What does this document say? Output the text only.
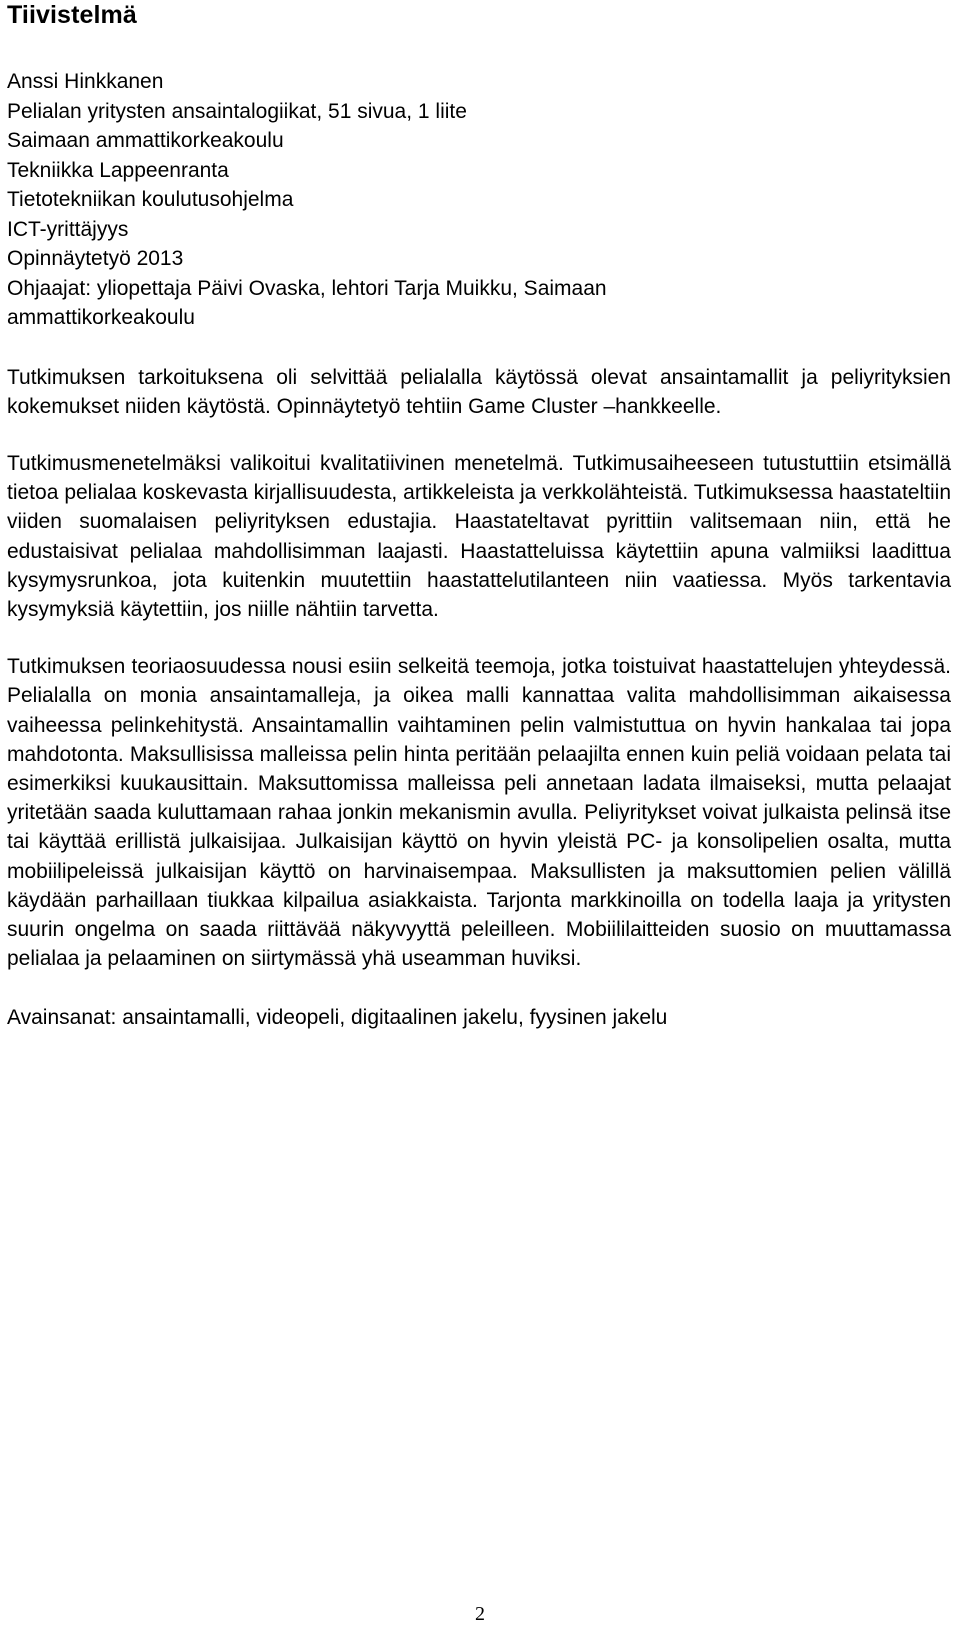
Tiivistelmä
Anssi Hinkkanen
Pelialan yritysten ansaintalogiikat, 51 sivua, 1 liite
Saimaan ammattikorkeakoulu
Tekniikka Lappeenranta
Tietotekniikan koulutusohjelma
ICT-yrittäjyys
Opinnäytetyö 2013
Ohjaajat: yliopettaja Päivi Ovaska, lehtori Tarja Muikku, Saimaan
ammattikorkeakoulu

Tutkimuksen tarkoituksena oli selvittää pelialalla käytössä olevat ansaintamallit ja peliyrityksien kokemukset niiden käytöstä. Opinnäytetyö tehtiin Game Cluster –hankkeelle.

Tutkimusmenetelmäksi valikoitui kvalitatiivinen menetelmä. Tutkimusaiheeseen tutustuttiin etsimällä tietoa pelialaa koskevasta kirjallisuudesta, artikkeleista ja verkkolähteistä. Tutkimuksessa haastateltiin viiden suomalaisen peliyrityksen edustajia. Haastateltavat pyrittiin valitsemaan niin, että he edustaisivat pelialaa mahdollisimman laajasti. Haastatteluissa käytettiin apuna valmiiksi laadittua kysymysrunkoa, jota kuitenkin muutettiin haastattelutilanteen niin vaatiessa. Myös tarkentavia kysymyksiä käytettiin, jos niille nähtiin tarvetta.

Tutkimuksen teoriaosuudessa nousi esiin selkeitä teemoja, jotka toistuivat haastattelujen yhteydessä. Pelialalla on monia ansaintamalleja, ja oikea malli kannattaa valita mahdollisimman aikaisessa vaiheessa pelinkehitystä. Ansaintamallin vaihtaminen pelin valmistuttua on hyvin hankalaa tai jopa mahdotonta. Maksullisissa malleissa pelin hinta peritään pelaajilta ennen kuin peliä voidaan pelata tai esimerkiksi kuukausittain. Maksuttomissa malleissa peli annetaan ladata ilmaiseksi, mutta pelaajat yritetään saada kuluttamaan rahaa jonkin mekanismin avulla. Peliyritykset voivat julkaista pelinsä itse tai käyttää erillistä julkaisijaa. Julkaisijan käyttö on hyvin yleistä PC- ja konsolipelien osalta, mutta mobiilipeleissä julkaisijan käyttö on harvinaisempaa. Maksullisten ja maksuttomien pelien välillä käydään parhaillaan tiukkaa kilpailua asiakkaista. Tarjonta markkinoilla on todella laaja ja yritysten suurin ongelma on saada riittävää näkyvyyttä peleilleen. Mobiililaitteiden suosio on muuttamassa pelialaa ja pelaaminen on siirtymässä yhä useamman huviksi.

Avainsanat: ansaintamalli, videopeli, digitaalinen jakelu, fyysinen jakelu
2
